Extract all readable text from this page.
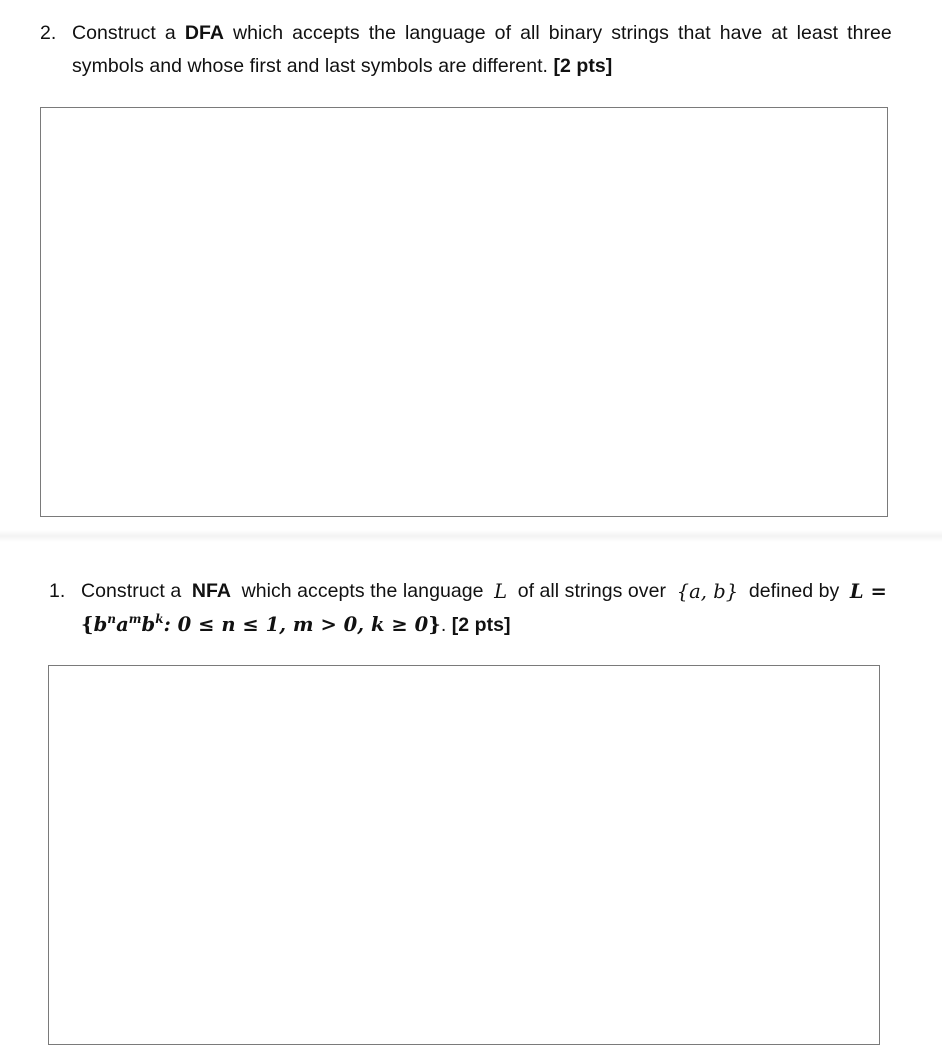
2. Construct a DFA which accepts the language of all binary strings that have at least three
symbols and whose first and last symbols are different. [2 pts]
1. Construct a NFA which accepts the language L of all strings over {a, b} defined by L =
{$b^na^mb^k$: 0 ≤ n ≤ 1, m > 0, k ≥ 0}. [2 pts]
